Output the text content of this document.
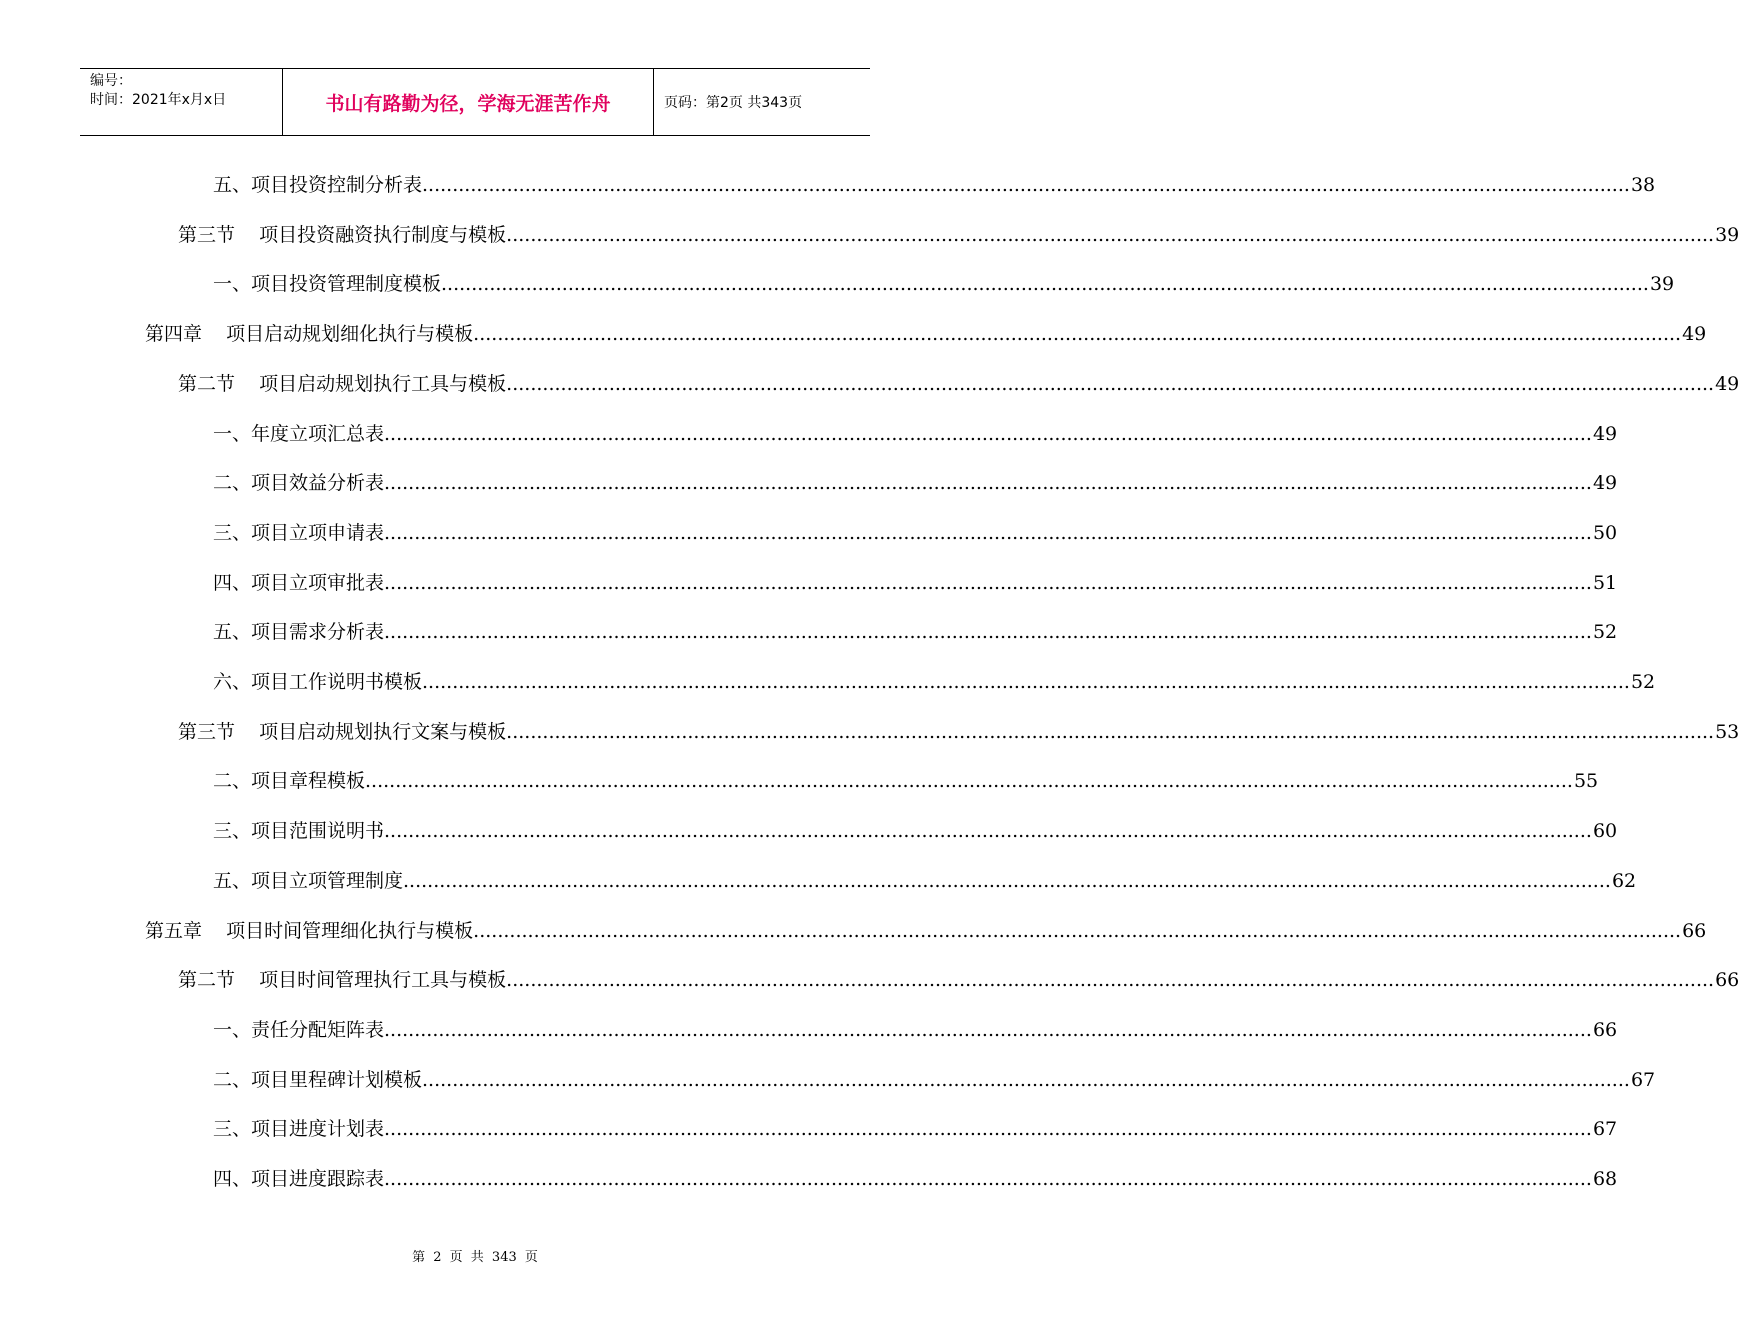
编号：
时间：2021年x月x日	书山有路勤为径，学海无涯苦作舟	页码：第2页 共343页
五、项目投资控制分析表 ........................................................................................................................................................................................................ 38
第三节    项目投资融资执行制度与模板 ........................................................................................................................................................................................................ 39
一、项目投资管理制度模板 ........................................................................................................................................................................................................ 39
第四章    项目启动规划细化执行与模板 ........................................................................................................................................................................................................ 49
第二节    项目启动规划执行工具与模板 ........................................................................................................................................................................................................ 49
一、年度立项汇总表 ........................................................................................................................................................................................................ 49
二、项目效益分析表 ........................................................................................................................................................................................................ 49
三、项目立项申请表 ........................................................................................................................................................................................................ 50
四、项目立项审批表 ........................................................................................................................................................................................................ 51
五、项目需求分析表 ........................................................................................................................................................................................................ 52
六、项目工作说明书模板 ........................................................................................................................................................................................................ 52
第三节    项目启动规划执行文案与模板 ........................................................................................................................................................................................................ 53
二、项目章程模板 ........................................................................................................................................................................................................ 55
三、项目范围说明书 ........................................................................................................................................................................................................ 60
五、项目立项管理制度 ........................................................................................................................................................................................................ 62
第五章    项目时间管理细化执行与模板 ........................................................................................................................................................................................................ 66
第二节    项目时间管理执行工具与模板 ........................................................................................................................................................................................................ 66
一、责任分配矩阵表 ........................................................................................................................................................................................................ 66
二、项目里程碑计划模板 ........................................................................................................................................................................................................ 67
三、项目进度计划表 ........................................................................................................................................................................................................ 67
四、项目进度跟踪表 ........................................................................................................................................................................................................ 68
第 2 页 共 343 页
